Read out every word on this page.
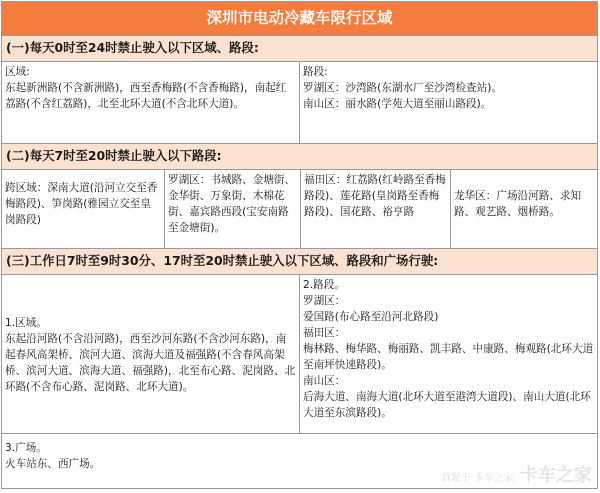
深圳市电动冷藏车限行区域
(一)每天0时至24时禁止驶入以下区域、路段:
区域:
东起新洲路(不含新洲路)，西至香梅路(不含香梅路)，南起红荔路(不含红荔路)，北至北环大道(不含北环大道)。
路段:
罗湖区：沙湾路(东湖水厂至沙湾检查站)。
南山区：丽水路(学苑大道至丽山路段)。
(二)每天7时至20时禁止驶入以下路段:
跨区域：深南大道(沿河立交至香梅路段)、笋岗路(雅园立交至皇岗路段)
罗湖区：书城路、金塘街、金华街、万象街、木棉花街、嘉宾路西段(宝安南路至金塘街)。
福田区：红荔路(红岭路至香梅路段)、莲花路(皇岗路至香梅路段)、国花路、裕亨路
龙华区：广场沿河路、求知路、观艺路、烟桥路。
(三)工作日7时至9时30分、17时至20时禁止驶入以下区域、路段和广场行驶:
1.区域。
东起沿河路(不含沿河路)，西至沙河东路(不含沙河东路)，南起春风高架桥、滨河大道、滨海大道及福强路(不含春风高架桥、滨河大道、滨海大道、福强路)，北至布心路、泥岗路、北环路(不含布心路、泥岗路、北环大道)。
2.路段。
罗湖区：
爱国路(布心路至沿河北路段)
福田区：
梅林路、梅华路、梅丽路、凯丰路、中康路、梅观路(北环大道至南坪快速路段)。
南山区：
后海大道、南海大道(北环大道至港湾大道段)、南山大道(北环大道至东滨路段)。
3.广场。
火车站东、西广场。
首发于 卡车之家 卡车之家
